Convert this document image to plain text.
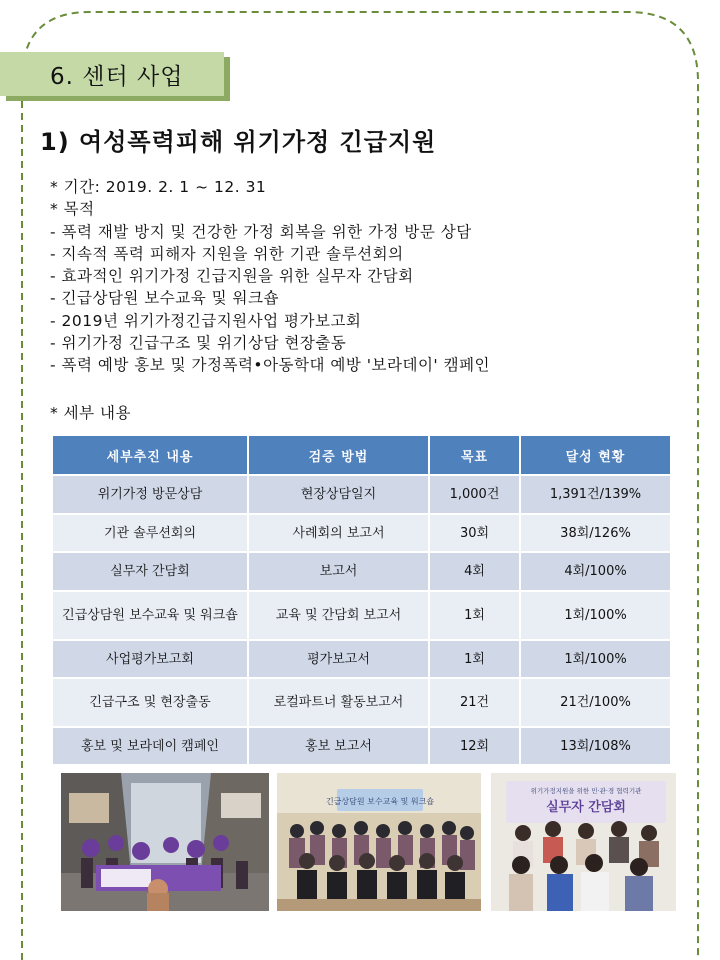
6. 센터 사업
1) 여성폭력피해 위기가정 긴급지원
* 기간: 2019. 2. 1 ~ 12. 31
* 목적
- 폭력 재발 방지 및 건강한 가정 회복을 위한 가정 방문 상담
- 지속적 폭력 피해자 지원을 위한 기관 솔루션회의
- 효과적인 위기가정 긴급지원을 위한 실무자 간담회
- 긴급상담원 보수교육 및 워크숍
- 2019년 위기가정긴급지원사업 평가보고회
- 위기가정 긴급구조 및 위기상담 현장출동
- 폭력 예방 홍보 및 가정폭력•아동학대 예방 '보라데이' 캠페인
* 세부 내용
세부추진 내용	검증 방법	목표	달성 현황
위기가정 방문상담	현장상담일지	1,000건	1,391건/139%
기관 솔루션회의	사례회의 보고서	30회	38회/126%
실무자 간담회	보고서	4회	4회/100%
긴급상담원 보수교육 및 워크숍	교육 및 간담회 보고서	1회	1회/100%
사업평가보고회	평가보고서	1회	1회/100%
긴급구조 및 현장출동	로컬파트너 활동보고서	21건	21건/100%
홍보 및 보라데이 캠페인	홍보 보고서	12회	13회/108%
긴급상담원 보수교육 및 워크숍
위기가정지원을 위한 민·관·경 협력기관
실무자 간담회
